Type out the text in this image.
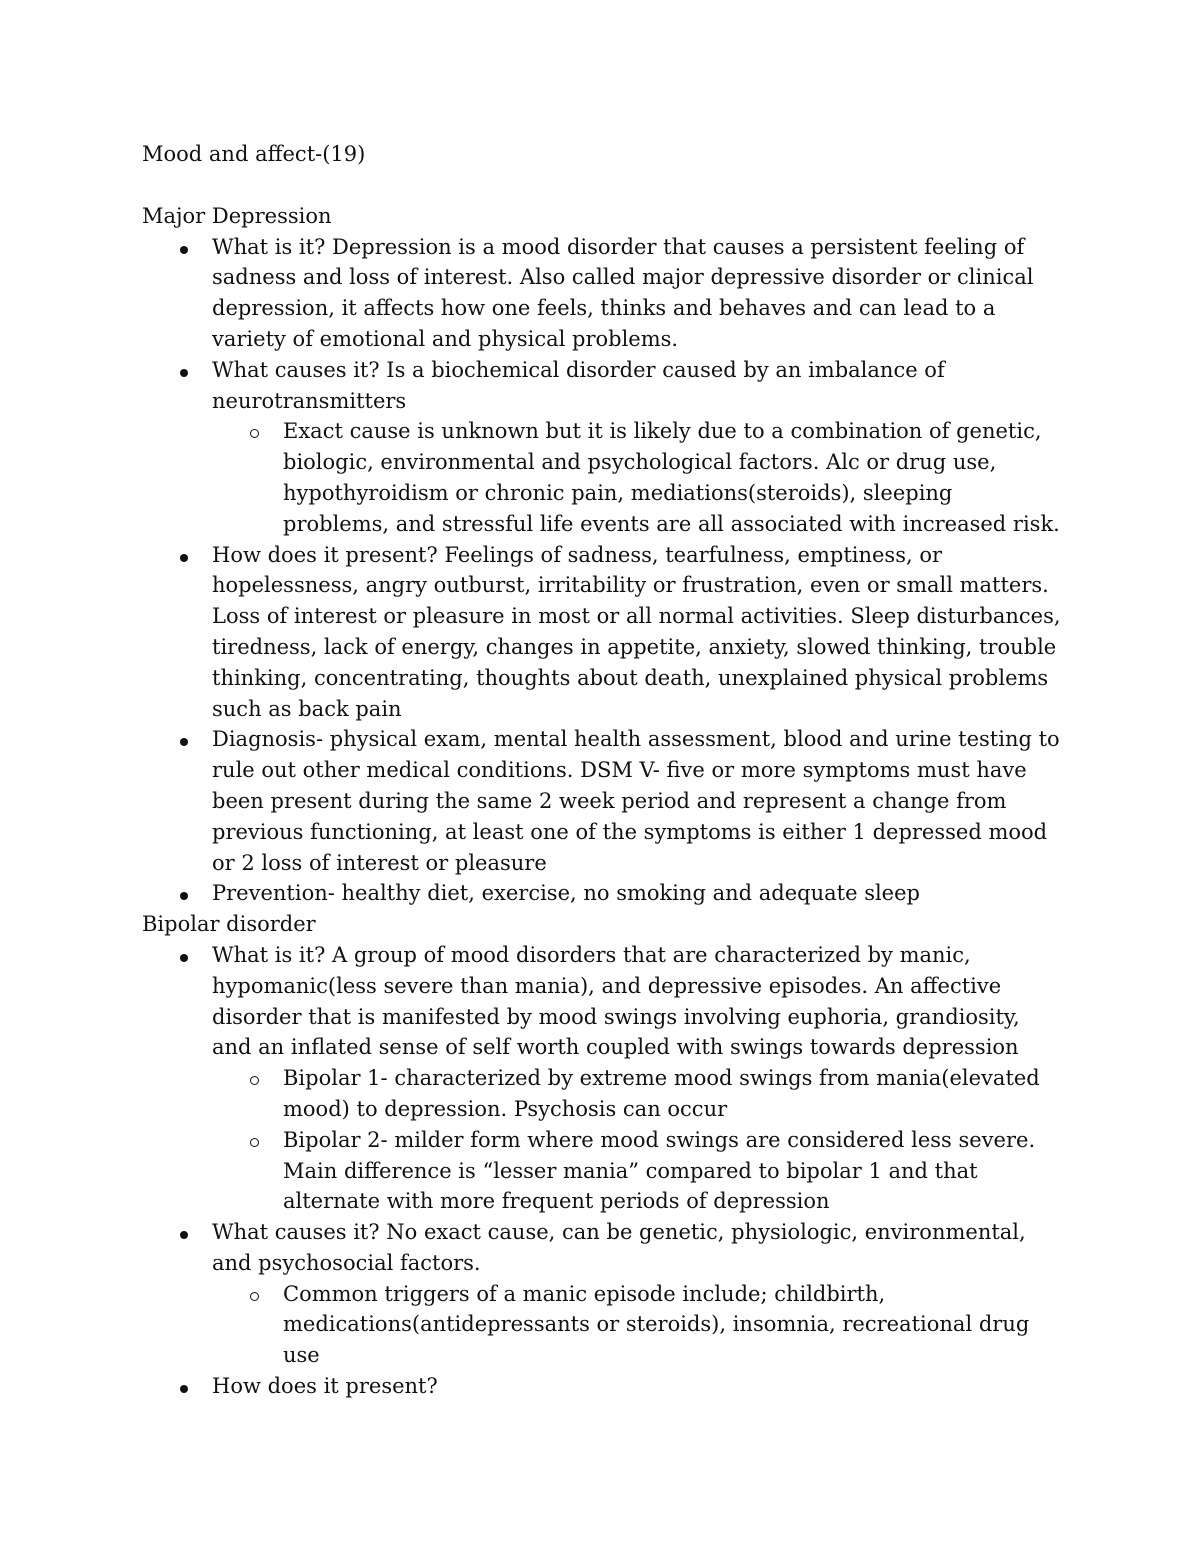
Mood and affect-(19)
Major Depression
What is it? Depression is a mood disorder that causes a persistent feeling of sadness and loss of interest. Also called major depressive disorder or clinical depression, it affects how one feels, thinks and behaves and can lead to a variety of emotional and physical problems.
What causes it? Is a biochemical disorder caused by an imbalance of neurotransmitters
Exact cause is unknown but it is likely due to a combination of genetic, biologic, environmental and psychological factors. Alc or drug use, hypothyroidism or chronic pain, mediations(steroids), sleeping problems, and stressful life events are all associated with increased risk.
How does it present? Feelings of sadness, tearfulness, emptiness, or hopelessness, angry outburst, irritability or frustration, even or small matters. Loss of interest or pleasure in most or all normal activities. Sleep disturbances, tiredness, lack of energy, changes in appetite, anxiety, slowed thinking, trouble thinking, concentrating, thoughts about death, unexplained physical problems such as back pain
Diagnosis- physical exam, mental health assessment, blood and urine testing to rule out other medical conditions. DSM V- five or more symptoms must have been present during the same 2 week period and represent a change from previous functioning, at least one of the symptoms is either 1 depressed mood or 2 loss of interest or pleasure
Prevention- healthy diet, exercise, no smoking and adequate sleep
Bipolar disorder
What is it? A group of mood disorders that are characterized by manic, hypomanic(less severe than mania), and depressive episodes. An affective disorder that is manifested by mood swings involving euphoria, grandiosity, and an inflated sense of self worth coupled with swings towards depression
Bipolar 1- characterized by extreme mood swings from mania(elevated mood) to depression. Psychosis can occur
Bipolar 2- milder form where mood swings are considered less severe. Main difference is “lesser mania” compared to bipolar 1 and that alternate with more frequent periods of depression
What causes it? No exact cause, can be genetic, physiologic, environmental, and psychosocial factors.
Common triggers of a manic episode include; childbirth, medications(antidepressants or steroids), insomnia, recreational drug use
How does it present?
